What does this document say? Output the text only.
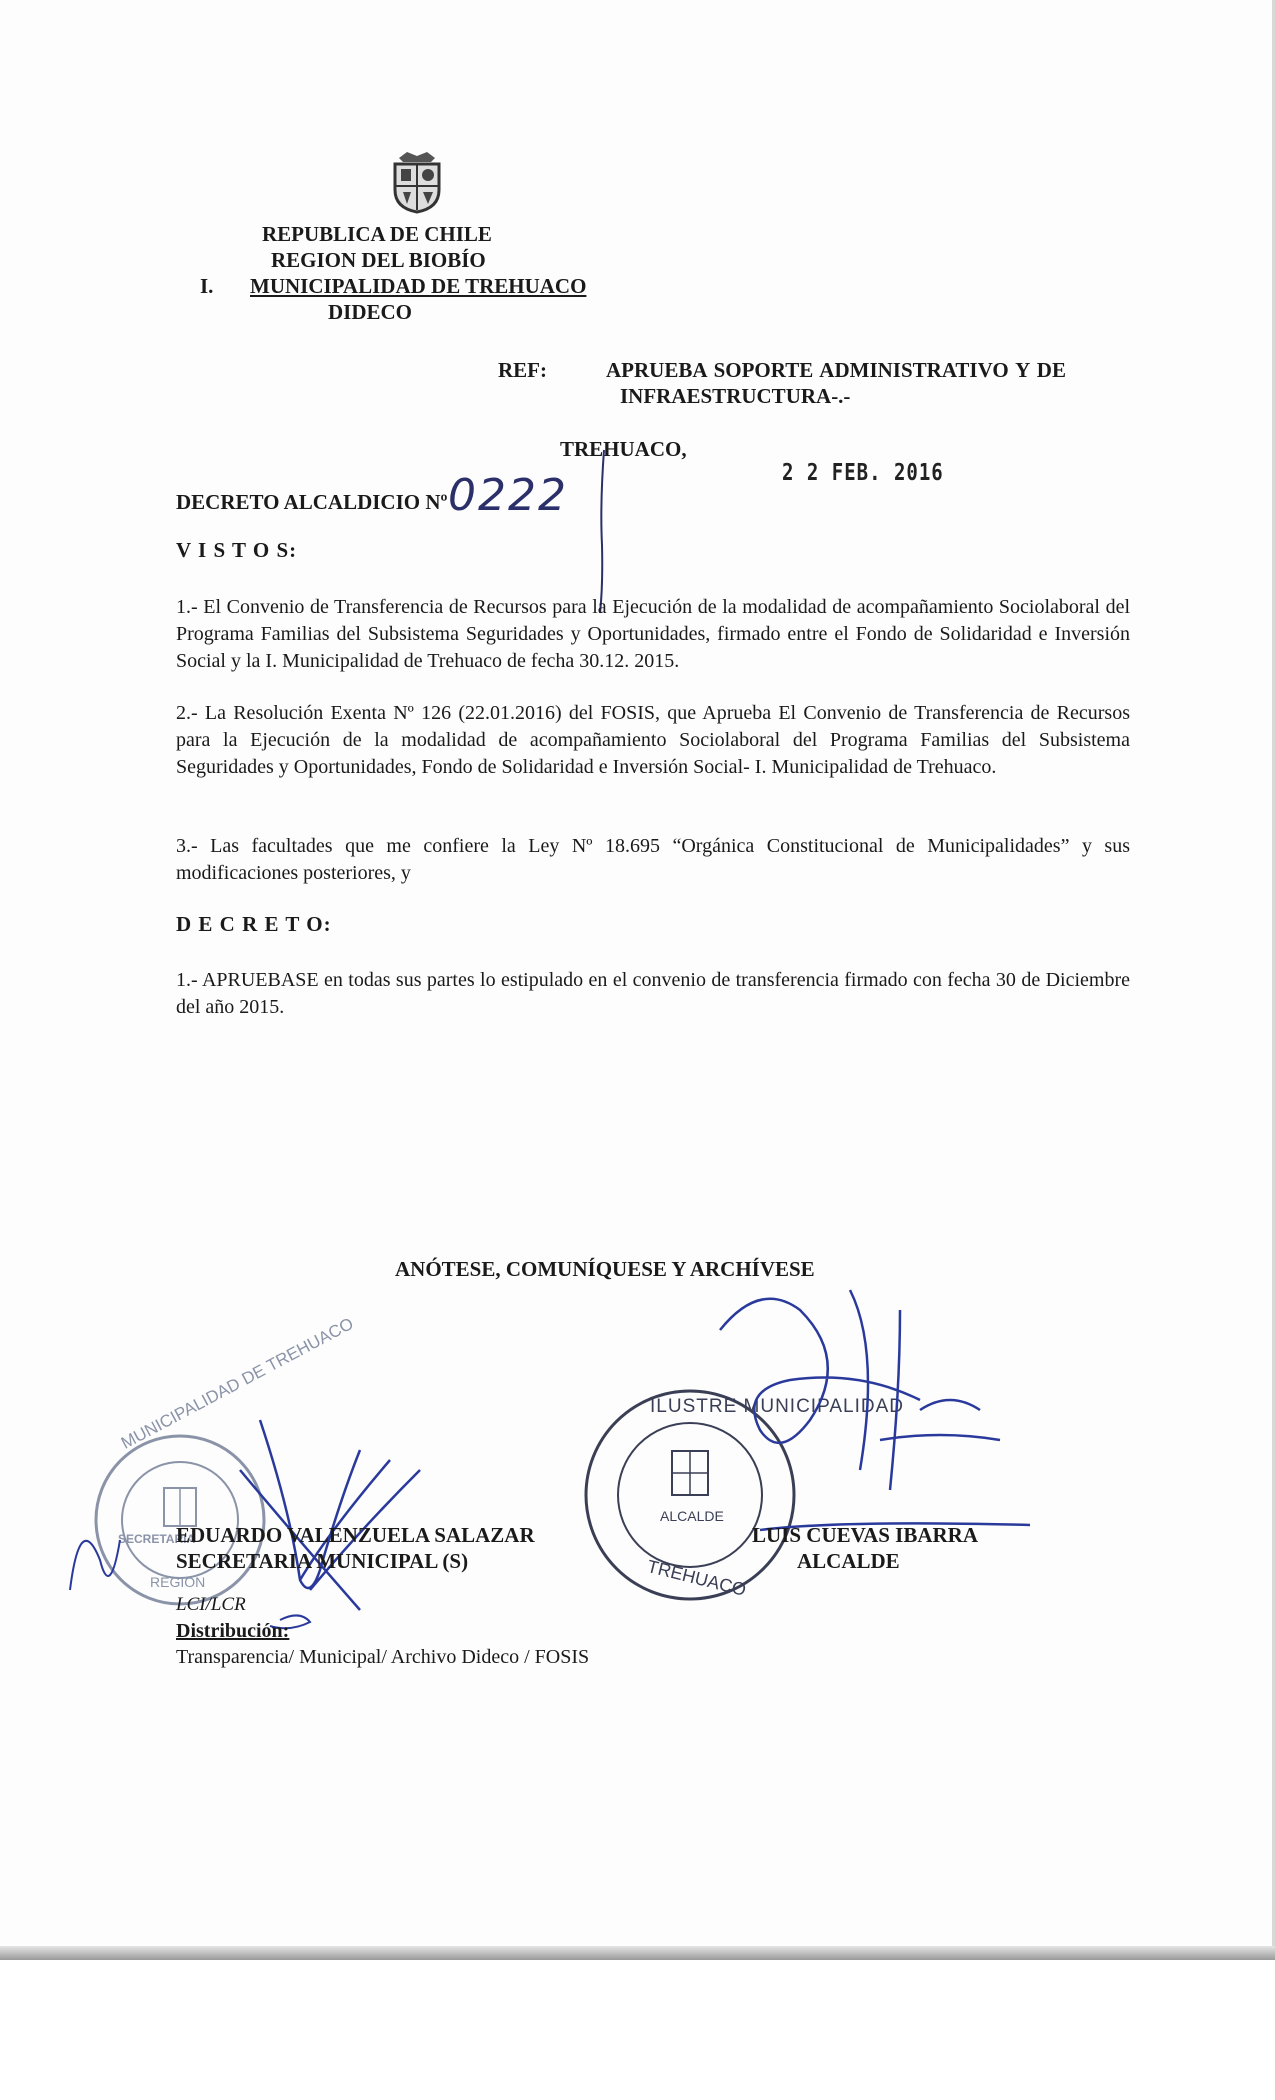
REPUBLICA DE CHILE
REGION DEL BIOBÍO
I. MUNICIPALIDAD DE TREHUACO
DIDECO
REF:	APRUEBA SOPORTE ADMINISTRATIVO Y DE
INFRAESTRUCTURA-.-
TREHUACO,
2 2 FEB. 2016
DECRETO ALCALDICIO Nº 0222
V I S T O S:
1.- El Convenio de Transferencia de Recursos para la Ejecución de la modalidad de acompañamiento Sociolaboral del Programa Familias del Subsistema Seguridades y Oportunidades, firmado entre el Fondo de Solidaridad e Inversión Social y la I. Municipalidad de Trehuaco de fecha 30.12. 2015.
2.- La Resolución Exenta Nº 126 (22.01.2016) del FOSIS, que Aprueba El Convenio de Transferencia de Recursos para la Ejecución de la modalidad de acompañamiento Sociolaboral del Programa Familias del Subsistema Seguridades y Oportunidades, Fondo de Solidaridad e Inversión Social- I. Municipalidad de Trehuaco.
3.- Las facultades que me confiere la Ley Nº 18.695 “Orgánica Constitucional de Municipalidades” y sus modificaciones posteriores, y
D E C R E T O:
1.- APRUEBASE en todas sus partes lo estipulado en el convenio de transferencia firmado con fecha 30 de Diciembre del año 2015.
ANÓTESE, COMUNÍQUESE Y ARCHÍVESE
MUNICIPALIDAD DE TREHUACO
SECRETARIA
REGION
ILUSTRE MUNICIPALIDAD
ALCALDE
TREHUACO
EDUARDO VALENZUELA SALAZAR
SECRETARIA MUNICIPAL (S)
LUIS CUEVAS IBARRA
ALCALDE
LCI/LCR
Distribución:
Transparencia/ Municipal/ Archivo Dideco / FOSIS
